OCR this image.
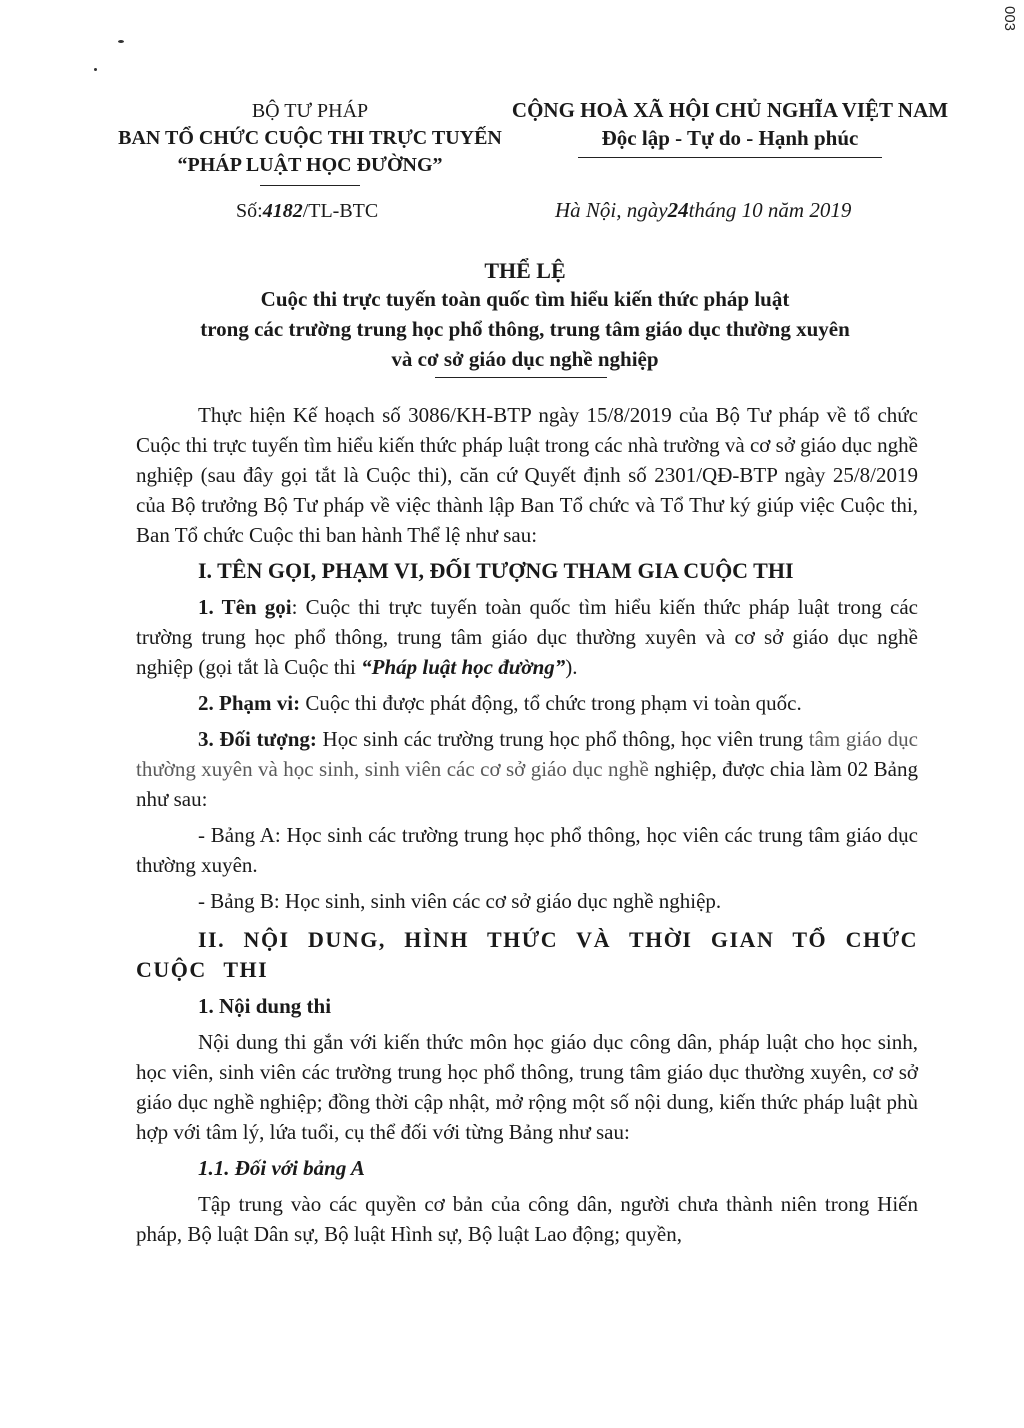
003
BỘ TƯ PHÁP
BAN TỔ CHỨC CUỘC THI TRỰC TUYẾN
“PHÁP LUẬT HỌC ĐƯỜNG”
CỘNG HOÀ XÃ HỘI CHỦ NGHĨA VIỆT NAM
Độc lập - Tự do - Hạnh phúc
Số:4182/TL-BTC	Hà Nội, ngày24tháng 10 năm 2019
THỂ LỆ
Cuộc thi trực tuyến toàn quốc tìm hiểu kiến thức pháp luật
trong các trường trung học phổ thông, trung tâm giáo dục thường xuyên
và cơ sở giáo dục nghề nghiệp

Thực hiện Kế hoạch số 3086/KH-BTP ngày 15/8/2019 của Bộ Tư pháp về tổ chức Cuộc thi trực tuyến tìm hiểu kiến thức pháp luật trong các nhà trường và cơ sở giáo dục nghề nghiệp (sau đây gọi tắt là Cuộc thi), căn cứ Quyết định số 2301/QĐ-BTP ngày 25/8/2019 của Bộ trưởng Bộ Tư pháp về việc thành lập Ban Tổ chức và Tổ Thư ký giúp việc Cuộc thi, Ban Tổ chức Cuộc thi ban hành Thể lệ như sau:

I. TÊN GỌI, PHẠM VI, ĐỐI TƯỢNG THAM GIA CUỘC THI

1. Tên gọi: Cuộc thi trực tuyến toàn quốc tìm hiểu kiến thức pháp luật trong các trường trung học phổ thông, trung tâm giáo dục thường xuyên và cơ sở giáo dục nghề nghiệp (gọi tắt là Cuộc thi “Pháp luật học đường”).

2. Phạm vi: Cuộc thi được phát động, tổ chức trong phạm vi toàn quốc.

3. Đối tượng: Học sinh các trường trung học phổ thông, học viên trung tâm giáo dục thường xuyên và học sinh, sinh viên các cơ sở giáo dục nghề nghiệp, được chia làm 02 Bảng như sau:

- Bảng A: Học sinh các trường trung học phổ thông, học viên các trung tâm giáo dục thường xuyên.

- Bảng B: Học sinh, sinh viên các cơ sở giáo dục nghề nghiệp.

II. NỘI DUNG, HÌNH THỨC VÀ THỜI GIAN TỔ CHỨC CUỘC THI

1. Nội dung thi

Nội dung thi gắn với kiến thức môn học giáo dục công dân, pháp luật cho học sinh, học viên, sinh viên các trường trung học phổ thông, trung tâm giáo dục thường xuyên, cơ sở giáo dục nghề nghiệp; đồng thời cập nhật, mở rộng một số nội dung, kiến thức pháp luật phù hợp với tâm lý, lứa tuổi, cụ thể đối với từng Bảng như sau:

1.1. Đối với bảng A

Tập trung vào các quyền cơ bản của công dân, người chưa thành niên trong Hiến pháp, Bộ luật Dân sự, Bộ luật Hình sự, Bộ luật Lao động; quyền,
